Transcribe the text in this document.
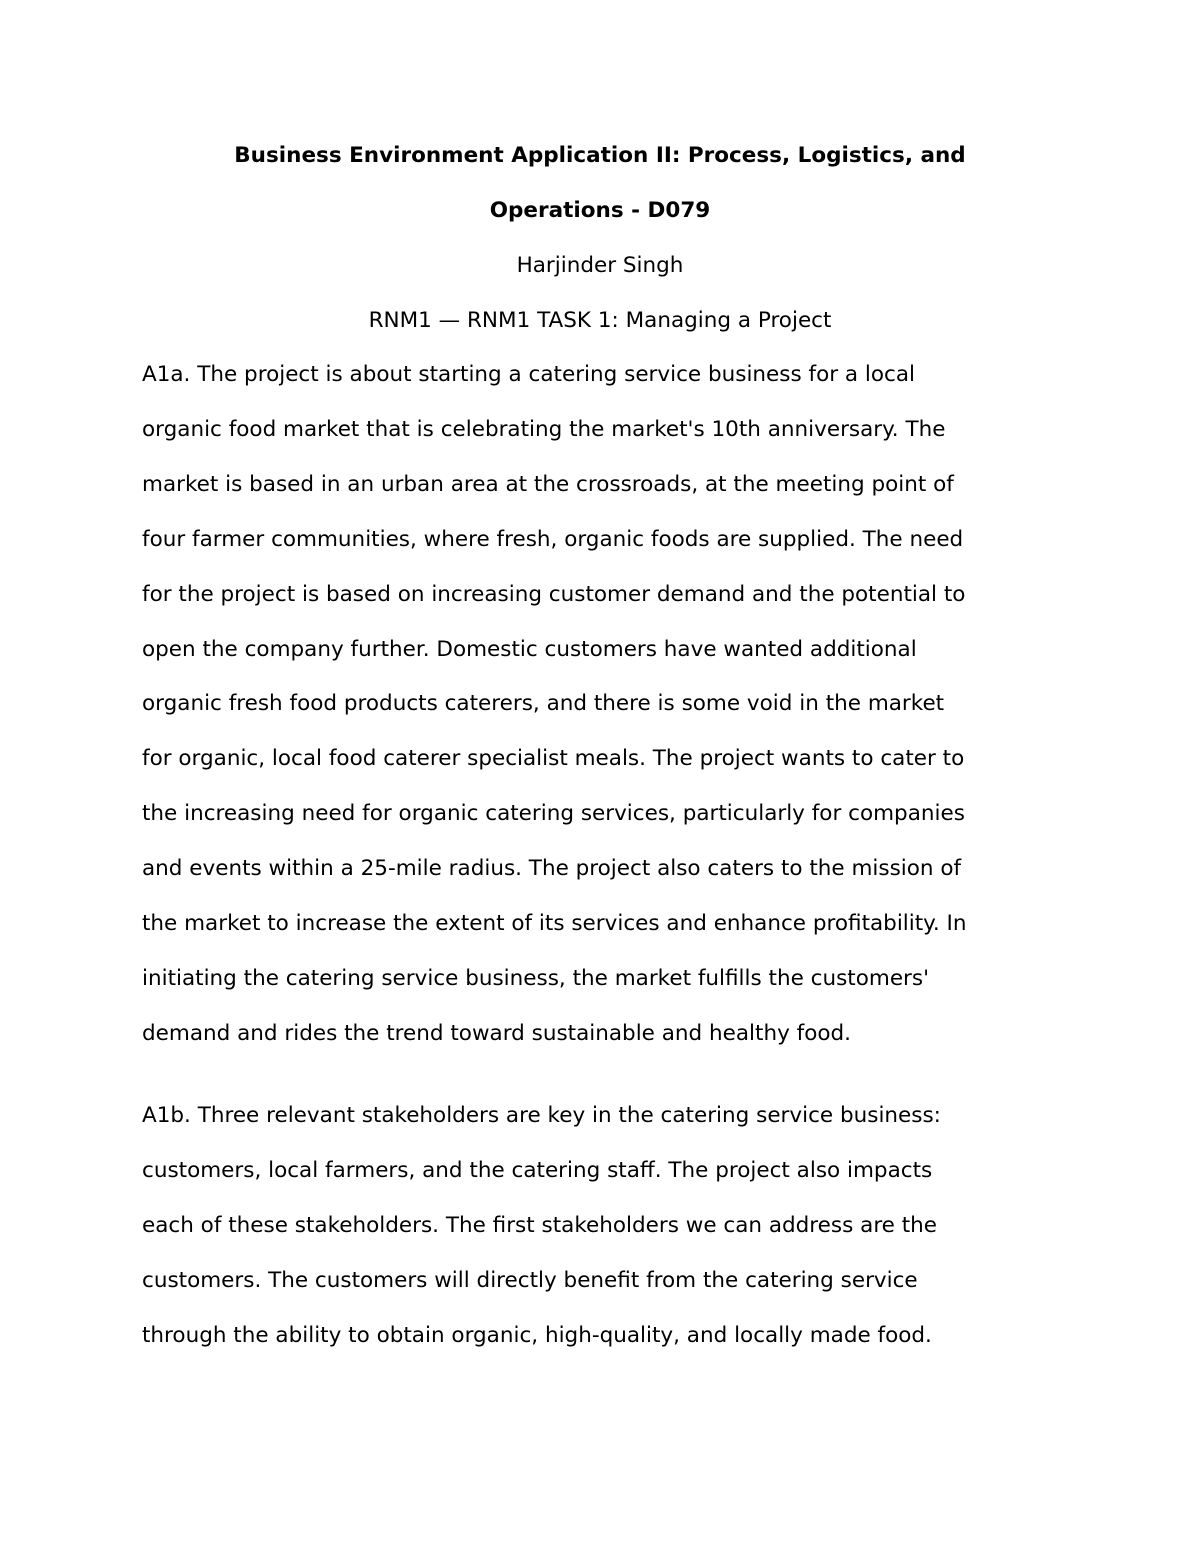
Business Environment Application II: Process, Logistics, and
Operations - D079

Harjinder Singh

RNM1 — RNM1 TASK 1: Managing a Project

A1a. The project is about starting a catering service business for a local
organic food market that is celebrating the market's 10th anniversary. The
market is based in an urban area at the crossroads, at the meeting point of
four farmer communities, where fresh, organic foods are supplied. The need
for the project is based on increasing customer demand and the potential to
open the company further. Domestic customers have wanted additional
organic fresh food products caterers, and there is some void in the market
for organic, local food caterer specialist meals. The project wants to cater to
the increasing need for organic catering services, particularly for companies
and events within a 25-mile radius. The project also caters to the mission of
the market to increase the extent of its services and enhance profitability. In
initiating the catering service business, the market fulfills the customers'
demand and rides the trend toward sustainable and healthy food.
A1b. Three relevant stakeholders are key in the catering service business:
customers, local farmers, and the catering staff. The project also impacts
each of these stakeholders. The first stakeholders we can address are the
customers. The customers will directly benefit from the catering service
through the ability to obtain organic, high-quality, and locally made food.
